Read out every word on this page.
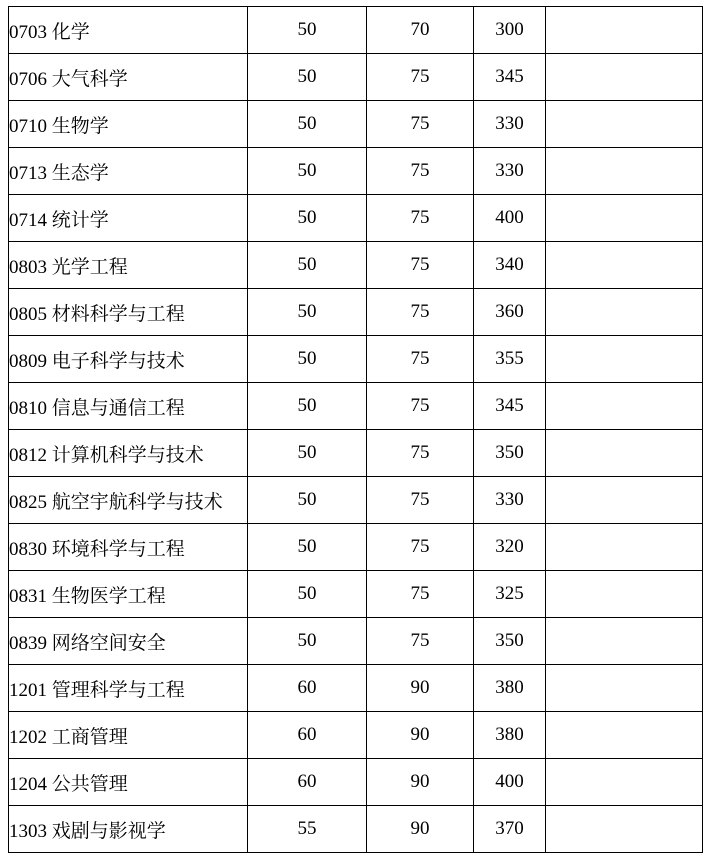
0703 化学	50	70	300	
0706 大气科学	50	75	345	
0710 生物学	50	75	330	
0713 生态学	50	75	330	
0714 统计学	50	75	400	
0803 光学工程	50	75	340	
0805 材料科学与工程	50	75	360	
0809 电子科学与技术	50	75	355	
0810 信息与通信工程	50	75	345	
0812 计算机科学与技术	50	75	350	
0825 航空宇航科学与技术	50	75	330	
0830 环境科学与工程	50	75	320	
0831 生物医学工程	50	75	325	
0839 网络空间安全	50	75	350	
1201 管理科学与工程	60	90	380	
1202 工商管理	60	90	380	
1204 公共管理	60	90	400	
1303 戏剧与影视学	55	90	370	
